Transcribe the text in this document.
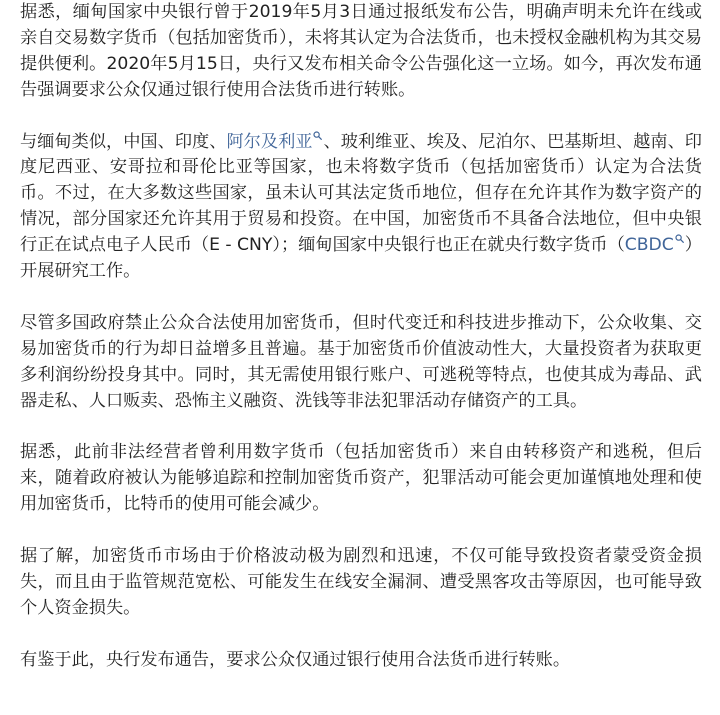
据悉，缅甸国家中央银行曾于2019年5月3日通过报纸发布公告，明确声明未允许在线或亲自交易数字货币（包括加密货币），未将其认定为合法货币，也未授权金融机构为其交易提供便利。2020年5月15日，央行又发布相关命令公告强化这一立场。如今，再次发布通告强调要求公众仅通过银行使用合法货币进行转账。

与缅甸类似，中国、印度、阿尔及利亚 、玻利维亚、埃及、尼泊尔、巴基斯坦、越南、印度尼西亚、安哥拉和哥伦比亚等国家，也未将数字货币（包括加密货币）认定为合法货币。不过，在大多数这些国家，虽未认可其法定货币地位，但存在允许其作为数字资产的情况，部分国家还允许其用于贸易和投资。在中国，加密货币不具备合法地位，但中央银行正在试点电子人民币（E - CNY）；缅甸国家中央银行也正在就央行数字货币（CBDC ）开展研究工作。

尽管多国政府禁止公众合法使用加密货币，但时代变迁和科技进步推动下，公众收集、交易加密货币的行为却日益增多且普遍。基于加密货币价值波动性大，大量投资者为获取更多利润纷纷投身其中。同时，其无需使用银行账户、可逃税等特点，也使其成为毒品、武器走私、人口贩卖、恐怖主义融资、洗钱等非法犯罪活动存储资产的工具。

据悉，此前非法经营者曾利用数字货币（包括加密货币）来自由转移资产和逃税，但后来，随着政府被认为能够追踪和控制加密货币资产，犯罪活动可能会更加谨慎地处理和使用加密货币，比特币的使用可能会减少。

据了解，加密货币市场由于价格波动极为剧烈和迅速，不仅可能导致投资者蒙受资金损失，而且由于监管规范宽松、可能发生在线安全漏洞、遭受黑客攻击等原因，也可能导致个人资金损失。

有鉴于此，央行发布通告，要求公众仅通过银行使用合法货币进行转账。
